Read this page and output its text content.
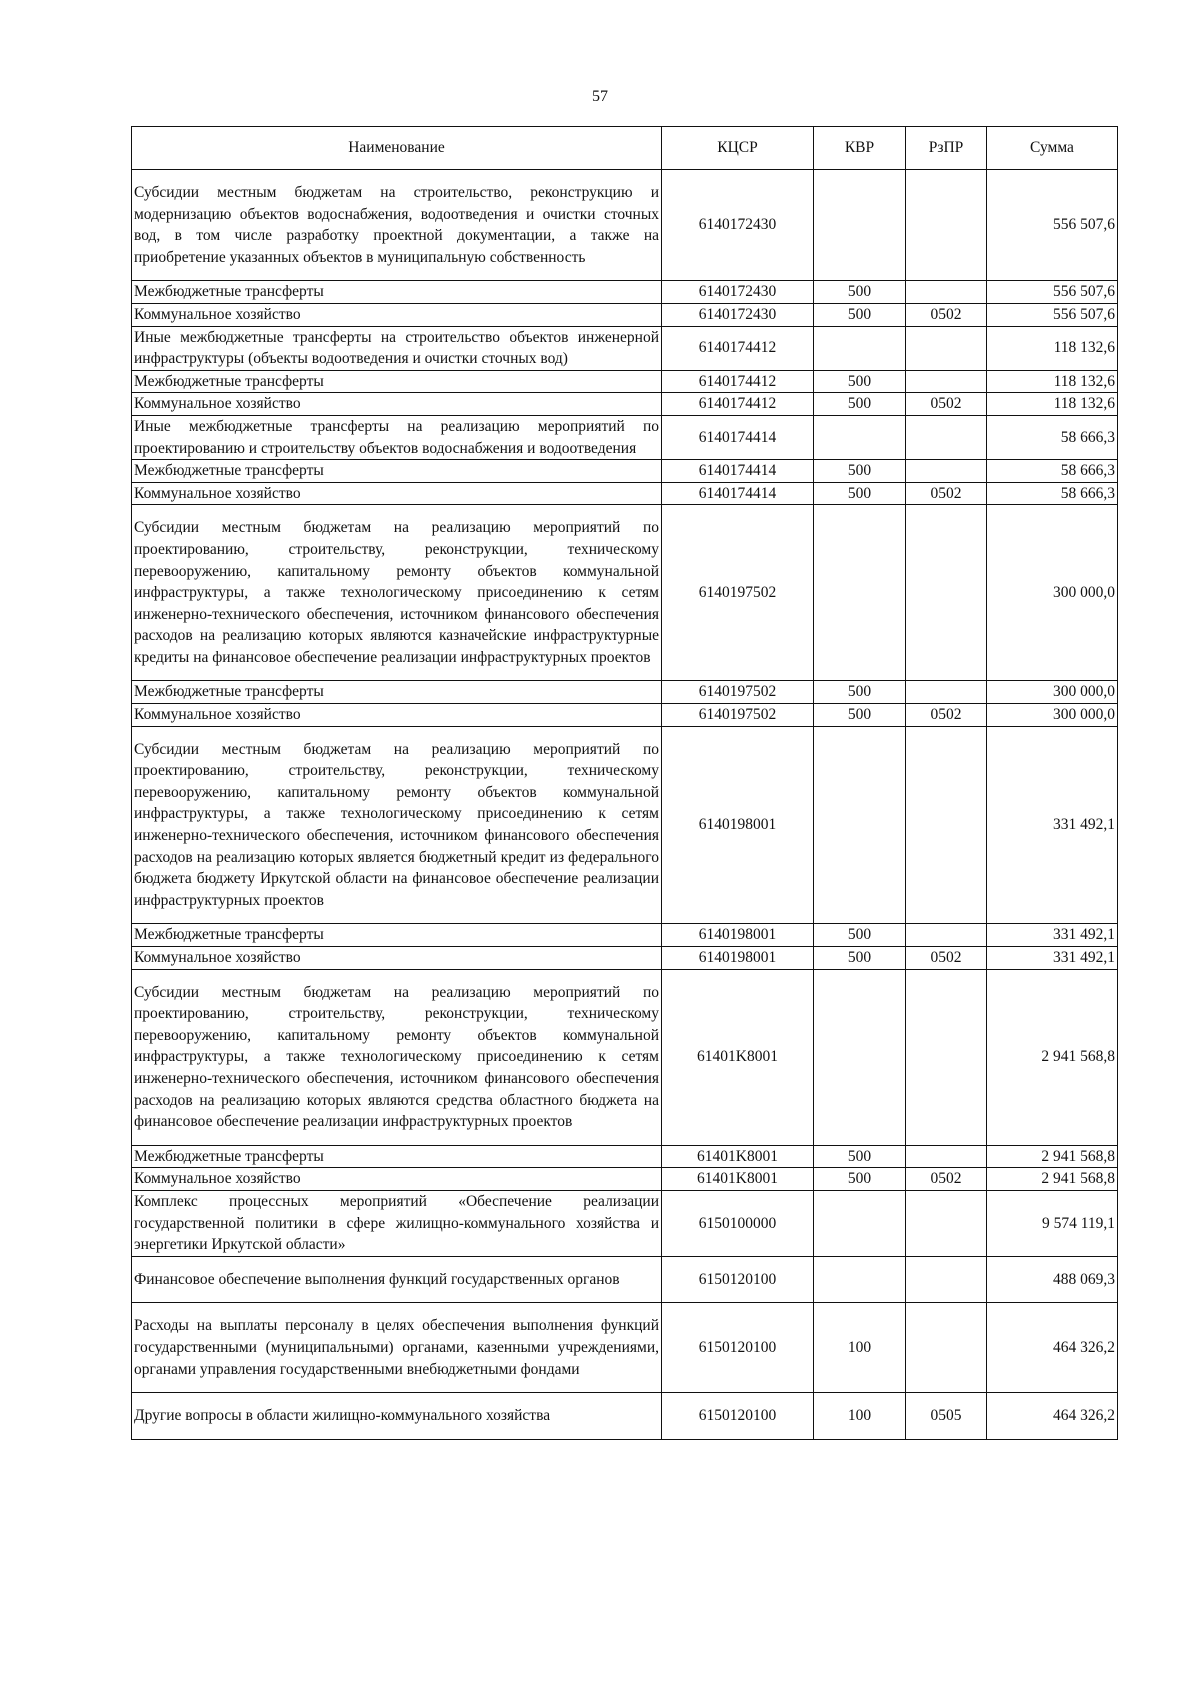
57
Наименование	КЦСР	КВР	РзПР	Сумма
Субсидии местным бюджетам на строительство, реконструкцию и модернизацию объектов водоснабжения, водоотведения и очистки сточных вод, в том числе разработку проектной документации, а также на приобретение указанных объектов в муниципальную собственность	6140172430			556 507,6
Межбюджетные трансферты	6140172430	500		556 507,6
Коммунальное хозяйство	6140172430	500	0502	556 507,6
Иные межбюджетные трансферты на строительство объектов инженерной инфраструктуры (объекты водоотведения и очистки сточных вод)	6140174412			118 132,6
Межбюджетные трансферты	6140174412	500		118 132,6
Коммунальное хозяйство	6140174412	500	0502	118 132,6
Иные межбюджетные трансферты на реализацию мероприятий по проектированию и строительству объектов водоснабжения и водоотведения	6140174414			58 666,3
Межбюджетные трансферты	6140174414	500		58 666,3
Коммунальное хозяйство	6140174414	500	0502	58 666,3
Субсидии местным бюджетам на реализацию мероприятий по проектированию, строительству, реконструкции, техническому перевооружению, капитальному ремонту объектов коммунальной инфраструктуры, а также технологическому присоединению к сетям инженерно-технического обеспечения, источником финансового обеспечения расходов на реализацию которых являются казначейские инфраструктурные кредиты на финансовое обеспечение реализации инфраструктурных проектов	6140197502			300 000,0
Межбюджетные трансферты	6140197502	500		300 000,0
Коммунальное хозяйство	6140197502	500	0502	300 000,0
Субсидии местным бюджетам на реализацию мероприятий по проектированию, строительству, реконструкции, техническому перевооружению, капитальному ремонту объектов коммунальной инфраструктуры, а также технологическому присоединению к сетям инженерно-технического обеспечения, источником финансового обеспечения расходов на реализацию которых является бюджетный кредит из федерального бюджета бюджету Иркутской области на финансовое обеспечение реализации инфраструктурных проектов	6140198001			331 492,1
Межбюджетные трансферты	6140198001	500		331 492,1
Коммунальное хозяйство	6140198001	500	0502	331 492,1
Субсидии местным бюджетам на реализацию мероприятий по проектированию, строительству, реконструкции, техническому перевооружению, капитальному ремонту объектов коммунальной инфраструктуры, а также технологическому присоединению к сетям инженерно-технического обеспечения, источником финансового обеспечения расходов на реализацию которых являются средства областного бюджета на финансовое обеспечение реализации инфраструктурных проектов	61401K8001			2 941 568,8
Межбюджетные трансферты	61401K8001	500		2 941 568,8
Коммунальное хозяйство	61401K8001	500	0502	2 941 568,8
Комплекс процессных мероприятий «Обеспечение реализации государственной политики в сфере жилищно-коммунального хозяйства и энергетики Иркутской области»	6150100000			9 574 119,1
Финансовое обеспечение выполнения функций государственных органов	6150120100			488 069,3
Расходы на выплаты персоналу в целях обеспечения выполнения функций государственными (муниципальными) органами, казенными учреждениями, органами управления государственными внебюджетными фондами	6150120100	100		464 326,2
Другие вопросы в области жилищно-коммунального хозяйства	6150120100	100	0505	464 326,2
